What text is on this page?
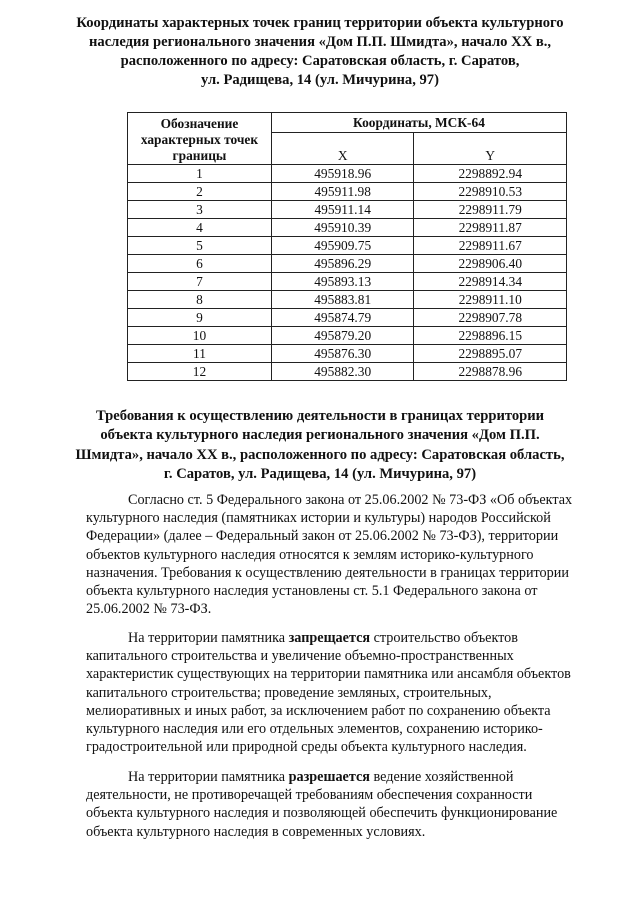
Координаты характерных точек границ территории объекта культурного
наследия регионального значения «Дом П.П. Шмидта», начало XX в.,
расположенного по адресу: Саратовская область, г. Саратов,
ул. Радищева, 14 (ул. Мичурина, 97)
Обозначение характерных точек границы	Координаты, МСК-64	
	X	Y
1	495918.96	2298892.94
2	495911.98	2298910.53
3	495911.14	2298911.79
4	495910.39	2298911.87
5	495909.75	2298911.67
6	495896.29	2298906.40
7	495893.13	2298914.34
8	495883.81	2298911.10
9	495874.79	2298907.78
10	495879.20	2298896.15
11	495876.30	2298895.07
12	495882.30	2298878.96
Требования к осуществлению деятельности в границах территории
объекта культурного наследия регионального значения «Дом П.П.
Шмидта», начало XX в., расположенного по адресу: Саратовская область,
г. Саратов, ул. Радищева, 14 (ул. Мичурина, 97)
Согласно ст. 5 Федерального закона от 25.06.2002 № 73-ФЗ «Об объектах
культурного наследия (памятниках истории и культуры) народов Российской
Федерации» (далее – Федеральный закон от 25.06.2002 № 73-ФЗ), территории
объектов культурного наследия относятся к землям историко-культурного
назначения. Требования к осуществлению деятельности в границах территории
объекта культурного наследия установлены ст. 5.1 Федерального закона от
25.06.2002 № 73-ФЗ.
На территории памятника запрещается строительство объектов
капитального строительства и увеличение объемно-пространственных
характеристик существующих на территории памятника или ансамбля объектов
капитального строительства; проведение земляных, строительных,
мелиоративных и иных работ, за исключением работ по сохранению объекта
культурного наследия или его отдельных элементов, сохранению историко-
градостроительной или природной среды объекта культурного наследия.
На территории памятника разрешается ведение хозяйственной
деятельности, не противоречащей требованиям обеспечения сохранности
объекта культурного наследия и позволяющей обеспечить функционирование
объекта культурного наследия в современных условиях.
